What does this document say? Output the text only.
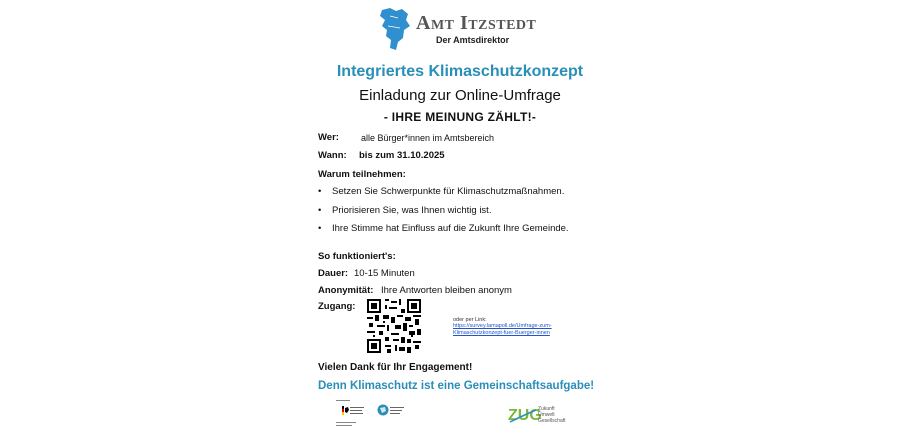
Amt Itzstedt
Der Amtsdirektor
Integriertes Klimaschutzkonzept
Einladung zur Online-Umfrage
- IHRE MEINUNG ZÄHLT!-
Wer: alle Bürger*innen im Amtsbereich
Wann: bis zum 31.10.2025
Warum teilnehmen:
• Setzen Sie Schwerpunkte für Klimaschutzmaßnahmen.
• Priorisieren Sie, was Ihnen wichtig ist.
• Ihre Stimme hat Einfluss auf die Zukunft Ihre Gemeinde.
So funktioniert's:
Dauer: 10-15 Minuten
Anonymität: Ihre Antworten bleiben anonym
Zugang:
oder per Link:
https://survey.lamapoll.de/Umfrage-zum-
Klimaschutzkonzept-fuer-Buerger-innen
Vielen Dank für Ihr Engagement!
Denn Klimaschutz ist eine Gemeinschaftsaufgabe!
ZUG
Zukunft
Umwelt
Gesellschaft
